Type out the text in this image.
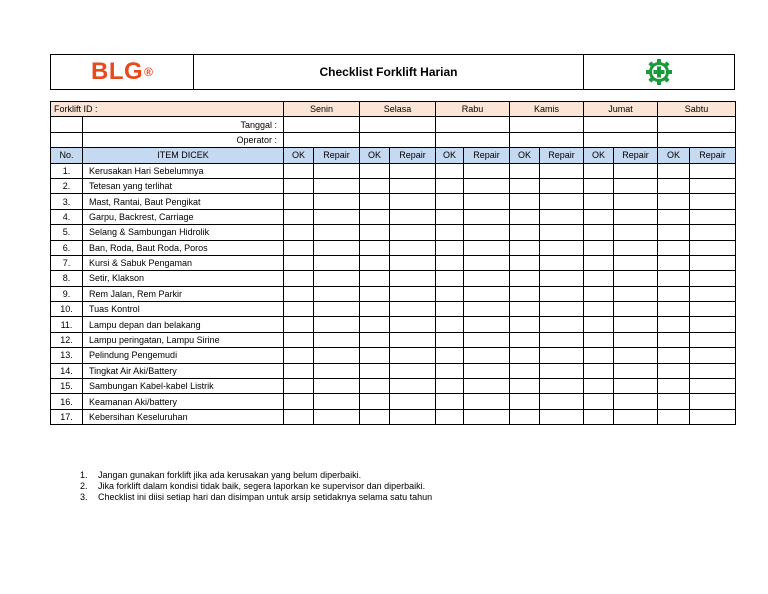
BLG ®	Checklist Forklift Harian
Forklift ID :		Senin		Selasa		Rabu		Kamis		Jumat		Sabtu	
	Tanggal :												
	Operator :												
No.	ITEM DICEK	OK	Repair	OK	Repair	OK	Repair	OK	Repair	OK	Repair	OK	Repair
1.	Kerusakan Hari Sebelumnya												
2.	Tetesan yang terlihat												
3.	Mast, Rantai, Baut Pengikat												
4.	Garpu, Backrest, Carriage												
5.	Selang & Sambungan Hidrolik												
6.	Ban, Roda, Baut Roda, Poros												
7.	Kursi & Sabuk Pengaman												
8.	Setir, Klakson												
9.	Rem Jalan, Rem Parkir												
10.	Tuas Kontrol												
11.	Lampu depan dan belakang												
12.	Lampu peringatan, Lampu Sirine												
13.	Pelindung Pengemudi												
14.	Tingkat Air Aki/Battery												
15.	Sambungan Kabel-kabel Listrik												
16.	Keamanan Aki/battery												
17.	Kebersihan Keseluruhan												
1.	Jangan gunakan forklift jika ada kerusakan yang belum diperbaiki.
2.	Jika forklift dalam kondisi tidak baik, segera laporkan ke supervisor dan diperbaiki.
3.	Checklist ini diisi setiap hari dan disimpan untuk arsip setidaknya selama satu tahun
